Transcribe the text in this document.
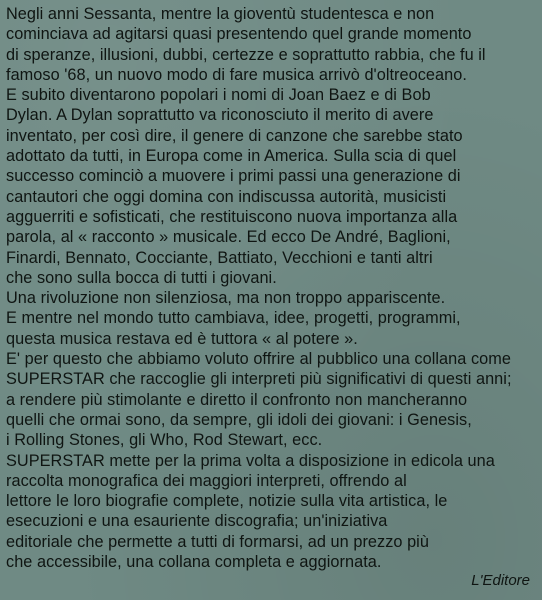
Negli anni Sessanta, mentre la gioventù studentesca e non

cominciava ad agitarsi quasi presentendo quel grande momento

di speranze, illusioni, dubbi, certezze e soprattutto rabbia, che fu il

famoso '68, un nuovo modo di fare musica arrivò d'oltreoceano.

E subito diventarono popolari i nomi di Joan Baez e di Bob

Dylan. A Dylan soprattutto va riconosciuto il merito di avere

inventato, per così dire, il genere di canzone che sarebbe stato

adottato da tutti, in Europa come in America. Sulla scia di quel

successo cominciò a muovere i primi passi una generazione di

cantautori che oggi domina con indiscussa autorità, musicisti

agguerriti e sofisticati, che restituiscono nuova importanza alla

parola, al « racconto » musicale. Ed ecco De André, Baglioni,

Finardi, Bennato, Cocciante, Battiato, Vecchioni e tanti altri

che sono sulla bocca di tutti i giovani.

Una rivoluzione non silenziosa, ma non troppo appariscente.

E mentre nel mondo tutto cambiava, idee, progetti, programmi,

questa musica restava ed è tuttora « al potere ».

E' per questo che abbiamo voluto offrire al pubblico una collana come

SUPERSTAR che raccoglie gli interpreti più significativi di questi anni;

a rendere più stimolante e diretto il confronto non mancheranno

quelli che ormai sono, da sempre, gli idoli dei giovani: i Genesis,

i Rolling Stones, gli Who, Rod Stewart, ecc.

SUPERSTAR mette per la prima volta a disposizione in edicola una

raccolta monografica dei maggiori interpreti, offrendo al

lettore le loro biografie complete, notizie sulla vita artistica, le

esecuzioni e una esauriente discografia; un'iniziativa

editoriale che permette a tutti di formarsi, ad un prezzo più

che accessibile, una collana completa e aggiornata.

L'Editore
